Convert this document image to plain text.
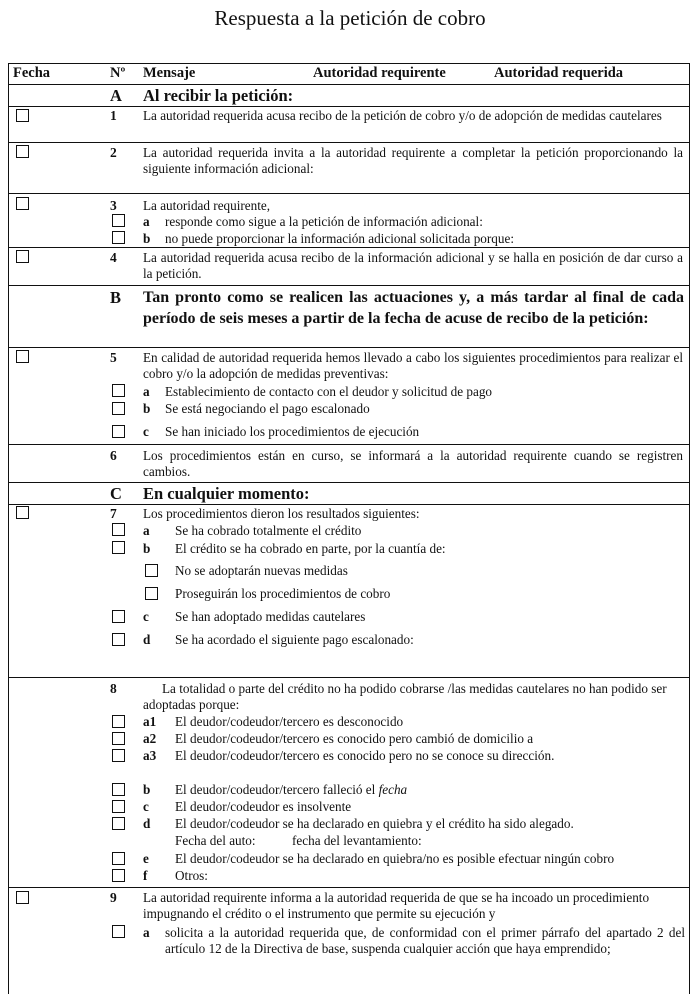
Respuesta a la petición de cobro
Fecha	Nº Mensaje	Autoridad requirente	Autoridad requerida
A Al recibir la petición:
1 La autoridad requerida acusa recibo de la petición de cobro y/o de adopción de medidas cautelares
2 La autoridad requerida invita a la autoridad requirente a completar la petición proporcionando la siguiente información adicional:
3 La autoridad requirente,
a responde como sigue a la petición de información adicional:
b no puede proporcionar la información adicional solicitada porque:
4 La autoridad requerida acusa recibo de la información adicional y se halla en posición de dar curso a la petición.
B Tan pronto como se realicen las actuaciones y, a más tardar al final de cada período de seis meses a partir de la fecha de acuse de recibo de la petición:
5 En calidad de autoridad requerida hemos llevado a cabo los siguientes procedimientos para realizar el cobro y/o la adopción de medidas preventivas:
a Establecimiento de contacto con el deudor y solicitud de pago
b Se está negociando el pago escalonado
c Se han iniciado los procedimientos de ejecución
6 Los procedimientos están en curso, se informará a la autoridad requirente cuando se registren cambios.
C En cualquier momento:
7 Los procedimientos dieron los resultados siguientes:
a Se ha cobrado totalmente el crédito
b El crédito se ha cobrado en parte, por la cuantía de:
No se adoptarán nuevas medidas
Proseguirán los procedimientos de cobro
c Se han adoptado medidas cautelares
d Se ha acordado el siguiente pago escalonado:
8	La totalidad o parte del crédito no ha podido cobrarse /las medidas cautelares no han podido ser adoptadas porque:
a1 El deudor/codeudor/tercero es desconocido
a2 El deudor/codeudor/tercero es conocido pero cambió de domicilio a
a3 El deudor/codeudor/tercero es conocido pero no se conoce su dirección.
b El deudor/codeudor/tercero falleció el fecha
c El deudor/codeudor es insolvente
d El deudor/codeudor se ha declarado en quiebra y el crédito ha sido alegado.
Fecha del auto:	fecha del levantamiento:
e El deudor/codeudor se ha declarado en quiebra/no es posible efectuar ningún cobro
f Otros:
9 La autoridad requirente informa a la autoridad requerida de que se ha incoado un procedimiento impugnando el crédito o el instrumento que permite su ejecución y
a solicita a la autoridad requerida que, de conformidad con el primer párrafo del apartado 2 del artículo 12 de la Directiva de base, suspenda cualquier acción que haya emprendido;
